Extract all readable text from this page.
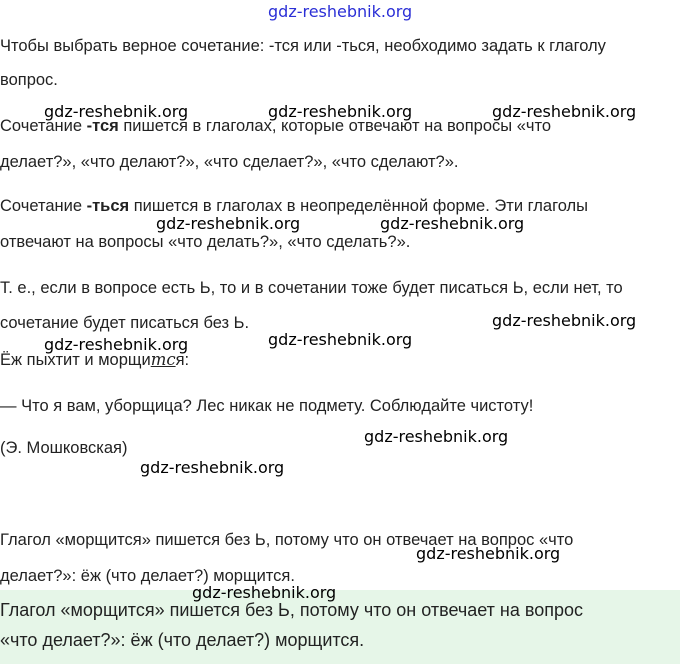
Глагол «морщится» пишется без Ь, потому что он отвечает на вопрос
«что делает?»: ёж (что делает?) морщится.
Чтобы выбрать верное сочетание: -тся или -ться, необходимо задать к глаголу
вопрос.
Сочетание -тся пишется в глаголах, которые отвечают на вопросы «что
делает?», «что делают?», «что сделает?», «что сделают?».
Сочетание -ться пишется в глаголах в неопределённой форме. Эти глаголы
отвечают на вопросы «что делать?», «что сделать?».
Т. е., если в вопросе есть Ь, то и в сочетании тоже будет писаться Ь, если нет, то
сочетание будет писаться без Ь.
Ёж пыхтит и морщится:
— Что я вам, уборщица? Лес никак не подмету. Соблюдайте чистоту!
(Э. Мошковская)
Глагол «морщится» пишется без Ь, потому что он отвечает на вопрос «что
делает?»: ёж (что делает?) морщится.
gdz-reshebnik.org
gdz-reshebnik.org	gdz-reshebnik.org	gdz-reshebnik.org
gdz-reshebnik.org	gdz-reshebnik.org
gdz-reshebnik.org
gdz-reshebnik.org
gdz-reshebnik.org
gdz-reshebnik.org
gdz-reshebnik.org
gdz-reshebnik.org
gdz-reshebnik.org
